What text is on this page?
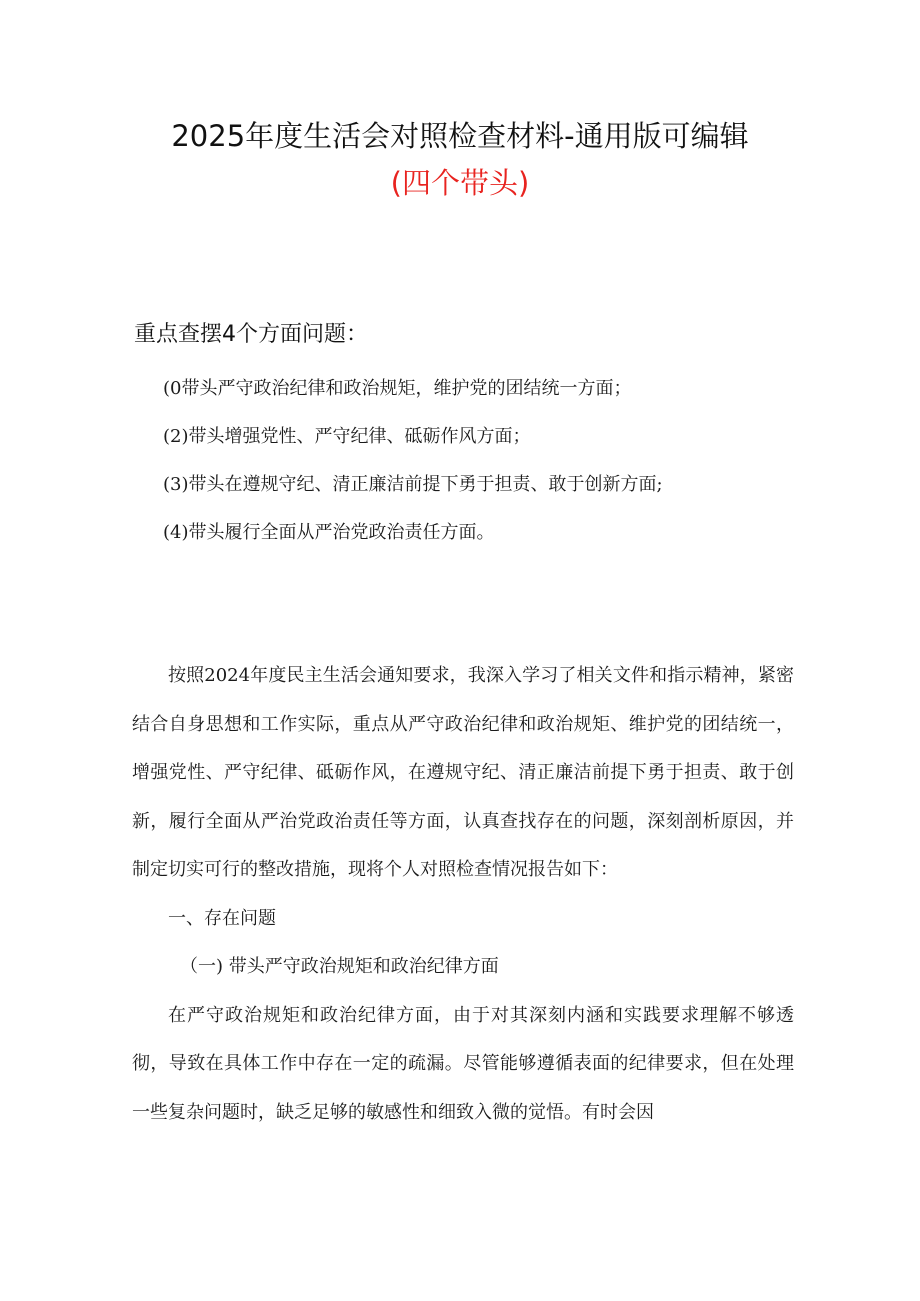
2025年度生活会对照检查材料-通用版可编辑
(四个带头)
重点查摆4个方面问题：
(0带头严守政治纪律和政治规矩，维护党的团结统一方面；
(2)带头增强党性、严守纪律、砥砺作风方面；
(3)带头在遵规守纪、清正廉洁前提下勇于担责、敢于创新方面;
(4)带头履行全面从严治党政治责任方面。

按照2024年度民主生活会通知要求，我深入学习了相关文件和指示精神，紧密结合自身思想和工作实际，重点从严守政治纪律和政治规矩、维护党的团结统一，增强党性、严守纪律、砥砺作风，在遵规守纪、清正廉洁前提下勇于担责、敢于创新，履行全面从严治党政治责任等方面，认真查找存在的问题，深刻剖析原因，并制定切实可行的整改措施，现将个人对照检查情况报告如下：

一、存在问题

（一) 带头严守政治规矩和政治纪律方面

在严守政治规矩和政治纪律方面，由于对其深刻内涵和实践要求理解不够透彻，导致在具体工作中存在一定的疏漏。尽管能够遵循表面的纪律要求，但在处理一些复杂问题时，缺乏足够的敏感性和细致入微的觉悟。有时会因
